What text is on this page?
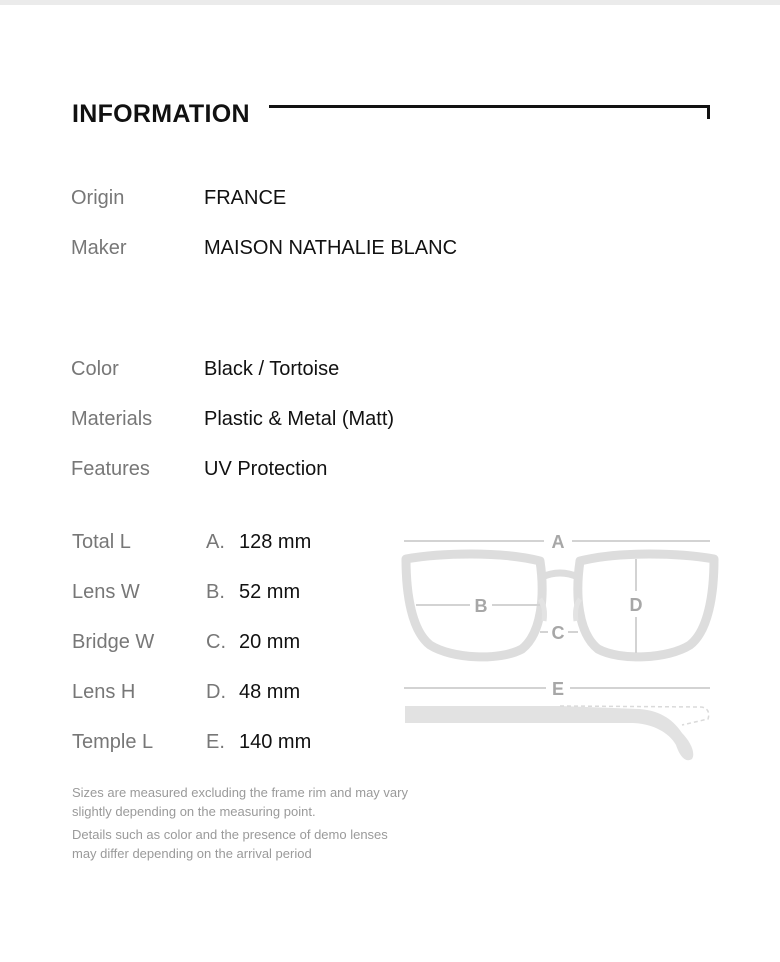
INFORMATION
Origin	FRANCE
Maker	MAISON NATHALIE BLANC
Color	Black / Tortoise
Materials	Plastic & Metal (Matt)
Features	UV Protection
Total L	A. 128 mm
Lens W	B. 52 mm
Bridge W	C. 20 mm
Lens H	D. 48 mm
Temple L	E. 140 mm
A
B
C
D
E

Sizes are measured excluding the frame rim and may vary slightly depending on the measuring point.

Details such as color and the presence of demo lenses may differ depending on the arrival period
